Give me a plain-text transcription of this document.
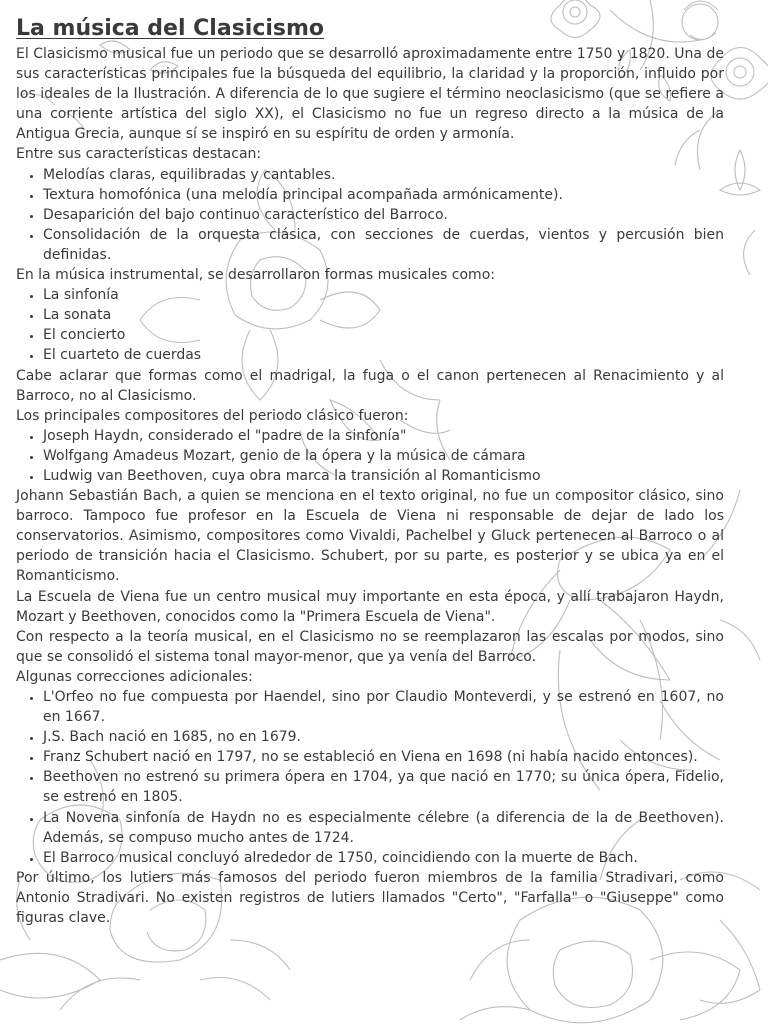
La música del Clasicismo

El Clasicismo musical fue un periodo que se desarrolló aproximadamente entre 1750 y 1820. Una de sus características principales fue la búsqueda del equilibrio, la claridad y la proporción, influido por los ideales de la Ilustración. A diferencia de lo que sugiere el término neoclasicismo (que se refiere a una corriente artística del siglo XX), el Clasicismo no fue un regreso directo a la música de la Antigua Grecia, aunque sí se inspiró en su espíritu de orden y armonía.

Entre sus características destacan:

• Melodías claras, equilibradas y cantables.
• Textura homofónica (una melodía principal acompañada armónicamente).
• Desaparición del bajo continuo característico del Barroco.
• Consolidación de la orquesta clásica, con secciones de cuerdas, vientos y percusión bien definidas.

En la música instrumental, se desarrollaron formas musicales como:

• La sinfonía
• La sonata
• El concierto
• El cuarteto de cuerdas

Cabe aclarar que formas como el madrigal, la fuga o el canon pertenecen al Renacimiento y al Barroco, no al Clasicismo.

Los principales compositores del periodo clásico fueron:

• Joseph Haydn, considerado el "padre de la sinfonía"
• Wolfgang Amadeus Mozart, genio de la ópera y la música de cámara
• Ludwig van Beethoven, cuya obra marca la transición al Romanticismo

Johann Sebastián Bach, a quien se menciona en el texto original, no fue un compositor clásico, sino barroco. Tampoco fue profesor en la Escuela de Viena ni responsable de dejar de lado los conservatorios. Asimismo, compositores como Vivaldi, Pachelbel y Gluck pertenecen al Barroco o al periodo de transición hacia el Clasicismo. Schubert, por su parte, es posterior y se ubica ya en el Romanticismo.

La Escuela de Viena fue un centro musical muy importante en esta época, y allí trabajaron Haydn, Mozart y Beethoven, conocidos como la "Primera Escuela de Viena".

Con respecto a la teoría musical, en el Clasicismo no se reemplazaron las escalas por modos, sino que se consolidó el sistema tonal mayor-menor, que ya venía del Barroco.

Algunas correcciones adicionales:

• L'Orfeo no fue compuesta por Haendel, sino por Claudio Monteverdi, y se estrenó en 1607, no en 1667.
• J.S. Bach nació en 1685, no en 1679.
• Franz Schubert nació en 1797, no se estableció en Viena en 1698 (ni había nacido entonces).
• Beethoven no estrenó su primera ópera en 1704, ya que nació en 1770; su única ópera, Fidelio, se estrenó en 1805.
• La Novena sinfonía de Haydn no es especialmente célebre (a diferencia de la de Beethoven). Además, se compuso mucho antes de 1724.
• El Barroco musical concluyó alrededor de 1750, coincidiendo con la muerte de Bach.

Por último, los lutiers más famosos del periodo fueron miembros de la familia Stradivari, como Antonio Stradivari. No existen registros de lutiers llamados "Certo", "Farfalla" o "Giuseppe" como figuras clave.
